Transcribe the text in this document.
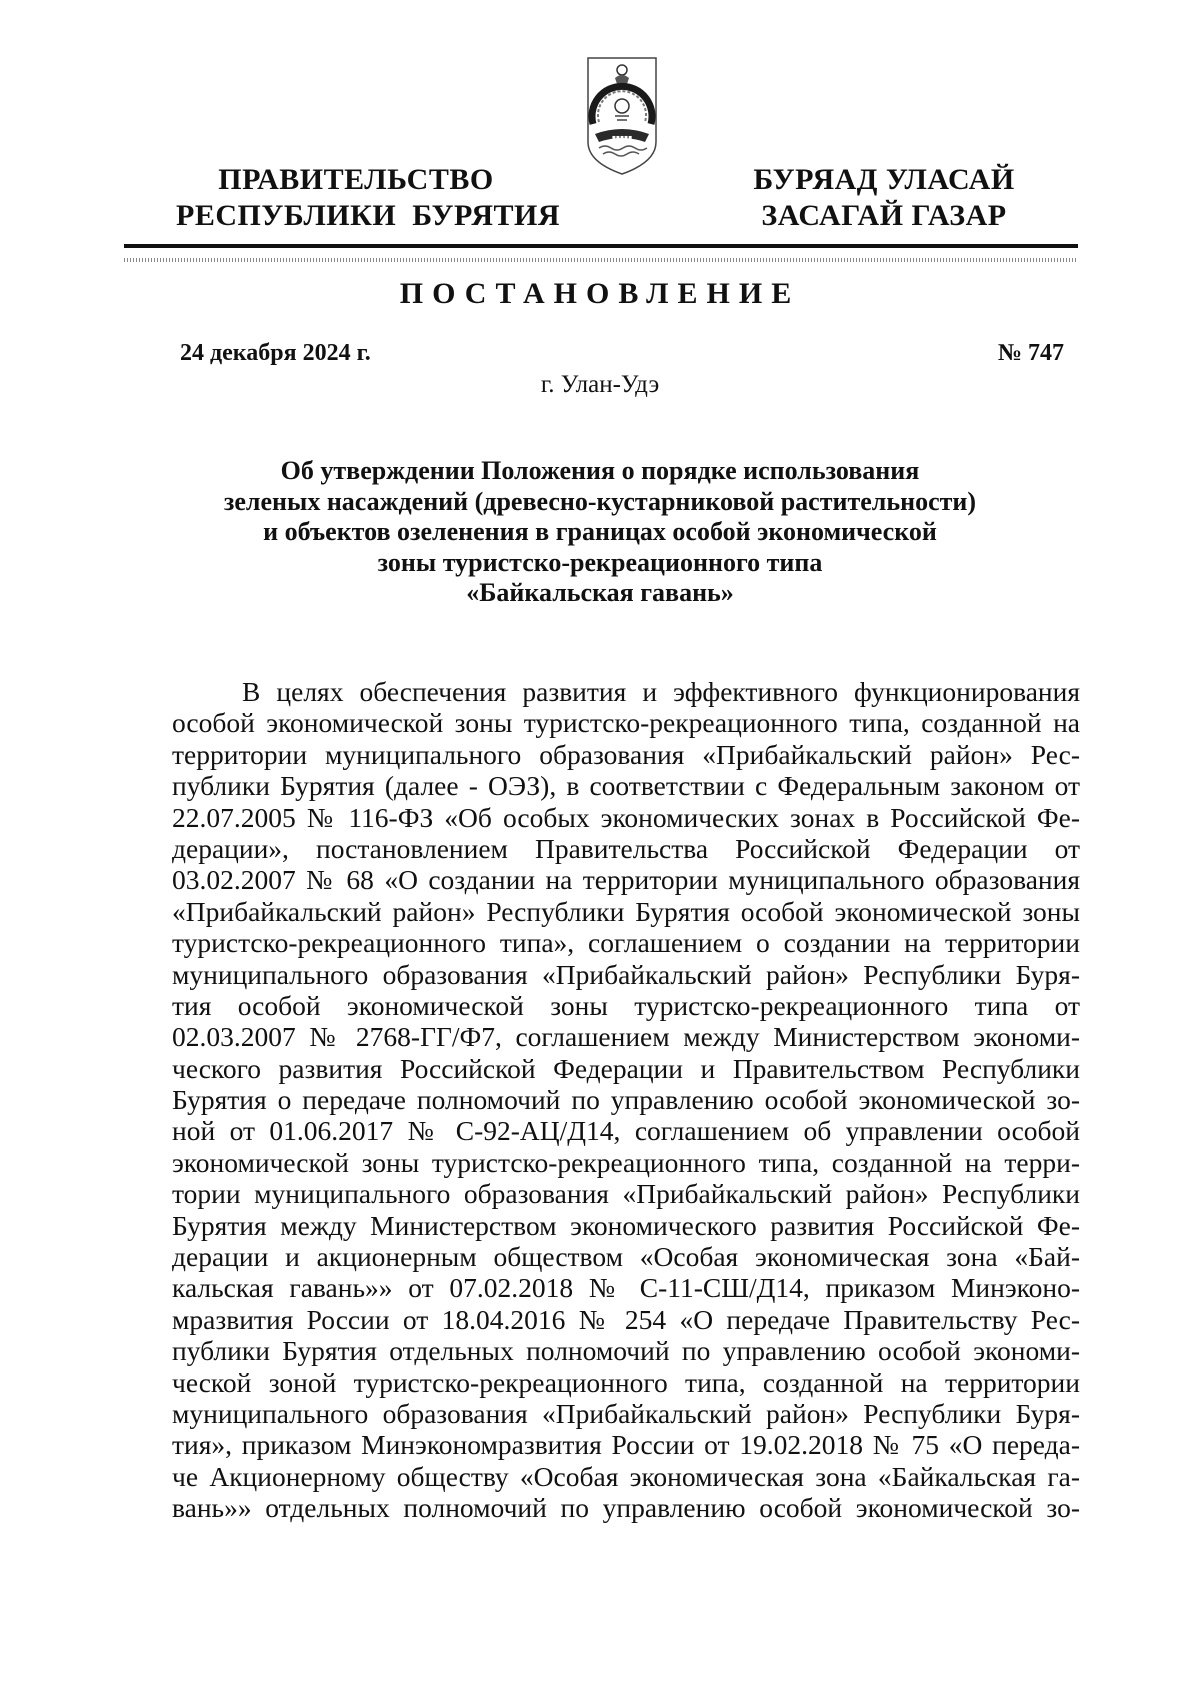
▪▪▪▪▪
ПРАВИТЕЛЬСТВО
РЕСПУБЛИКИ  БУРЯТИЯ
БУРЯАД УЛАСАЙ
ЗАСАГАЙ ГАЗАР
ПОСТАНОВЛЕНИЕ
24 декабря 2024 г.	№ 747
г. Улан-Удэ
Об утверждении Положения о порядке использования
зеленых насаждений (древесно-кустарниковой растительности)
и объектов озеленения в границах особой экономической
зоны туристско-рекреационного типа
«Байкальская гавань»
В целях обеспечения развития и эффективного функционирования
особой экономической зоны туристско-рекреационного типа, созданной на
территории муниципального образования «Прибайкальский район» Рес-
публики Бурятия (далее - ОЭЗ), в соответствии с Федеральным законом от
22.07.2005 № 116-ФЗ «Об особых экономических зонах в Российской Фе-
дерации», постановлением Правительства Российской Федерации от
03.02.2007 № 68 «О создании на территории муниципального образования
«Прибайкальский район» Республики Бурятия особой экономической зоны
туристско-рекреационного типа», соглашением о создании на территории
муниципального образования «Прибайкальский район» Республики Буря-
тия особой экономической зоны туристско-рекреационного типа от
02.03.2007 № 2768-ГГ/Ф7, соглашением между Министерством экономи-
ческого развития Российской Федерации и Правительством Республики
Бурятия о передаче полномочий по управлению особой экономической зо-
ной от 01.06.2017 № С-92-АЦ/Д14, соглашением об управлении особой
экономической зоны туристско-рекреационного типа, созданной на терри-
тории муниципального образования «Прибайкальский район» Республики
Бурятия между Министерством экономического развития Российской Фе-
дерации и акционерным обществом «Особая экономическая зона «Бай-
кальская гавань»» от 07.02.2018 № С-11-СШ/Д14, приказом Минэконо-
мразвития России от 18.04.2016 № 254 «О передаче Правительству Рес-
публики Бурятия отдельных полномочий по управлению особой экономи-
ческой зоной туристско-рекреационного типа, созданной на территории
муниципального образования «Прибайкальский район» Республики Буря-
тия», приказом Минэкономразвития России от 19.02.2018 № 75 «О переда-
че Акционерному обществу «Особая экономическая зона «Байкальская га-
вань»» отдельных полномочий по управлению особой экономической зо-
